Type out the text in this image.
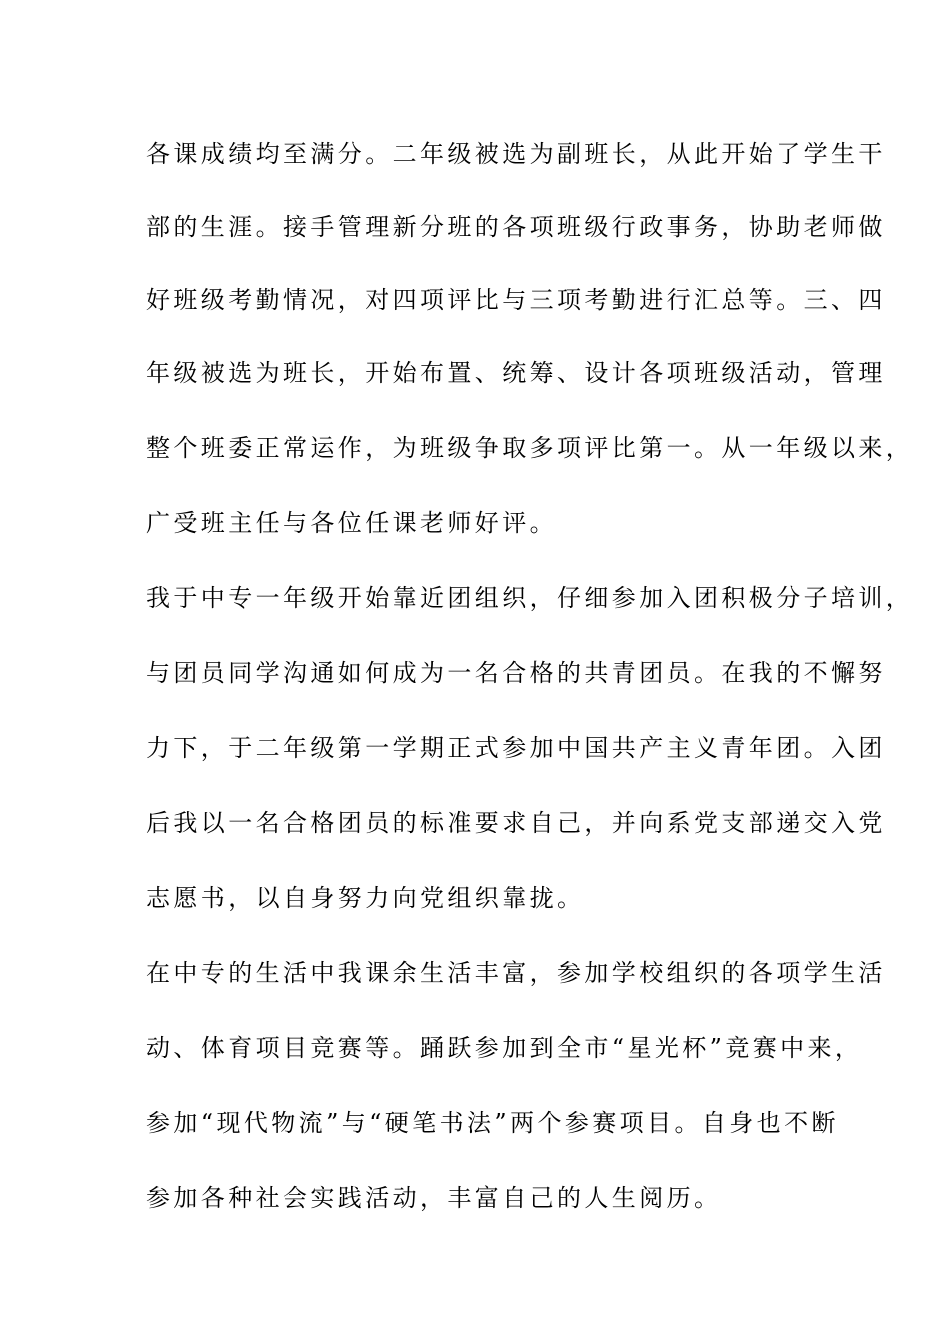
各课成绩均至满分。二年级被选为副班长，从此开始了学生干
部的生涯。接手管理新分班的各项班级行政事务，协助老师做
好班级考勤情况，对四项评比与三项考勤进行汇总等。三、四
年级被选为班长，开始布置、统筹、设计各项班级活动，管理
整个班委正常运作，为班级争取多项评比第一。从一年级以来，
广受班主任与各位任课老师好评。
我于中专一年级开始靠近团组织，仔细参加入团积极分子培训，
与团员同学沟通如何成为一名合格的共青团员。在我的不懈努
力下，于二年级第一学期正式参加中国共产主义青年团。入团
后我以一名合格团员的标准要求自己，并向系党支部递交入党
志愿书，以自身努力向党组织靠拢。
在中专的生活中我课余生活丰富，参加学校组织的各项学生活
动、体育项目竞赛等。踊跃参加到全市“星光杯”竞赛中来，
参加“现代物流”与“硬笔书法”两个参赛项目。自身也不断
参加各种社会实践活动，丰富自己的人生阅历。
